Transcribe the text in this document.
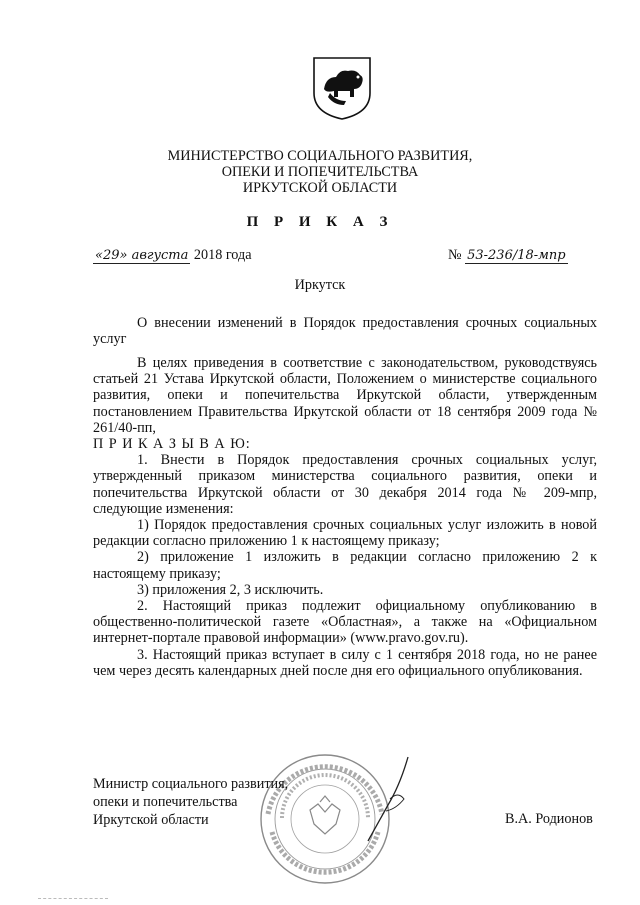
МИНИСТЕРСТВО СОЦИАЛЬНОГО РАЗВИТИЯ,
ОПЕКИ И ПОПЕЧИТЕЛЬСТВА
ИРКУТСКОЙ ОБЛАСТИ
П Р И К А З
«29» августа 2018 года	№ 53-236/18-мпр
Иркутск

О внесении изменений в Порядок предоставления срочных социальных услуг

В целях приведения в соответствие с законодательством, руководствуясь статьей 21 Устава Иркутской области, Положением о министерстве социального развития, опеки и попечительства Иркутской области, утвержденным постановлением Правительства Иркутской области от 18 сентября 2009 года № 261/40-пп,

П Р И К А З Ы В А Ю:

1. Внести в Порядок предоставления срочных социальных услуг, утвержденный приказом министерства социального развития, опеки и попечительства Иркутской области от 30 декабря 2014 года № 209-мпр, следующие изменения:

1) Порядок предоставления срочных социальных услуг изложить в новой редакции согласно приложению 1 к настоящему приказу;

2) приложение 1 изложить в редакции согласно приложению 2 к настоящему приказу;

3) приложения 2, 3 исключить.

2. Настоящий приказ подлежит официальному опубликованию в общественно-политической газете «Областная», а также на «Официальном интернет-портале правовой информации» (www.pravo.gov.ru).

3. Настоящий приказ вступает в силу с 1 сентября 2018 года, но не ранее чем через десять календарных дней после дня его официального опубликования.

Министр социального развития,
опеки и попечительства
Иркутской области	В.А. Родионов
